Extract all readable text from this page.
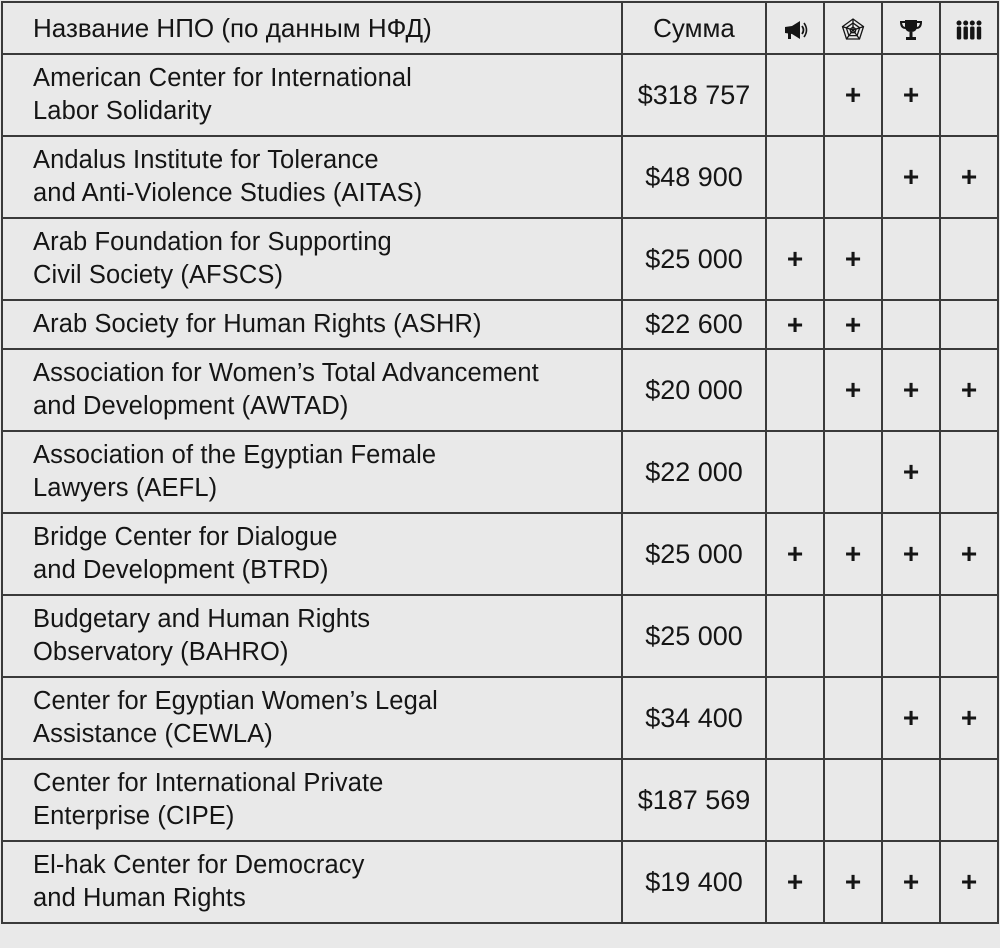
Название НПО (по данным НФД)	Сумма				

American Center for International
Labor Solidarity	$318 757		+	+	

Andalus Institute for Tolerance
and Anti-Violence Studies (AITAS)	$48 900			+	+

Arab Foundation for Supporting
Civil Society (AFSCS)	$25 000	+	+		

Arab Society for Human Rights (ASHR)	$22 600	+	+		

Association for Women’s Total Advancement
and Development (AWTAD)	$20 000		+	+	+

Association of the Egyptian Female
Lawyers (AEFL)	$22 000			+	

Bridge Center for Dialogue
and Development (BTRD)	$25 000	+	+	+	+

Budgetary and Human Rights
Observatory (BAHRO)	$25 000				

Center for Egyptian Women’s Legal
Assistance (CEWLA)	$34 400			+	+

Center for International Private
Enterprise (CIPE)	$187 569				

El-hak Center for Democracy
and Human Rights	$19 400	+	+	+	+
